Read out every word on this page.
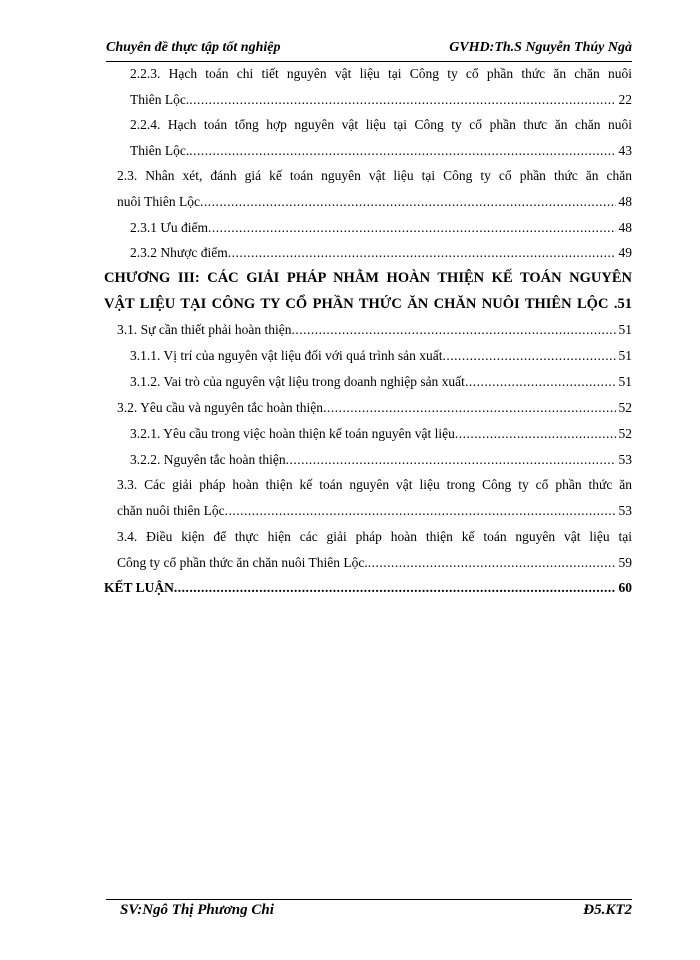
Chuyên đề thực tập tốt nghiệp	GVHD:Th.S Nguyễn Thúy Ngà
2.2.3. Hạch toán chi tiết nguyên vật liệu tại Công ty cổ phần thức ăn chăn nuôi
Thiên Lộc. .....	22
2.2.4. Hạch toán tổng hợp nguyên vật liệu tại Công ty cổ phần thưc ăn chăn nuôi
Thiên Lộc. .....	43
2.3. Nhân xét, đánh giá kế toán nguyên vật liệu tại Công ty cổ phần thức ăn chăn
nuôi Thiên Lộc .....	48
2.3.1 Ưu điểm .....	48
2.3.2 Nhược điểm .....	49
CHƯƠNG III: CÁC GIẢI PHÁP NHẰM HOÀN THIỆN KẾ TOÁN NGUYÊN
VẬT LIỆU TẠI CÔNG TY CỔ PHẦN THỨC ĂN CHĂN NUÔI THIÊN LỘC .51
3.1. Sự cần thiết phải hoàn thiện .....	51
3.1.1. Vị trí của nguyên vật liệu đối với quá trình sản xuất .....	51
3.1.2. Vai trò của nguyên vật liệu trong doanh nghiệp sản xuất .....	51
3.2. Yêu cầu và nguyên tắc hoàn thiện .....	52
3.2.1. Yêu cầu trong việc hoàn thiện kế toán nguyên vật liệu .....	52
3.2.2. Nguyên tắc hoàn thiện .....	53
3.3. Các giải pháp hoàn thiện kế toán nguyên vật liệu trong Công ty cổ phần thức ăn
chăn nuôi thiên Lộc .....	53
3.4. Điều kiện để thực hiện các giải pháp hoàn thiện kế toán nguyên vật liệu tại
Công ty cổ phần thức ăn chăn nuôi Thiên Lộc. .....	59
KẾT LUẬN .....	60
SV:Ngô Thị Phương Chi	Đ5.KT2
